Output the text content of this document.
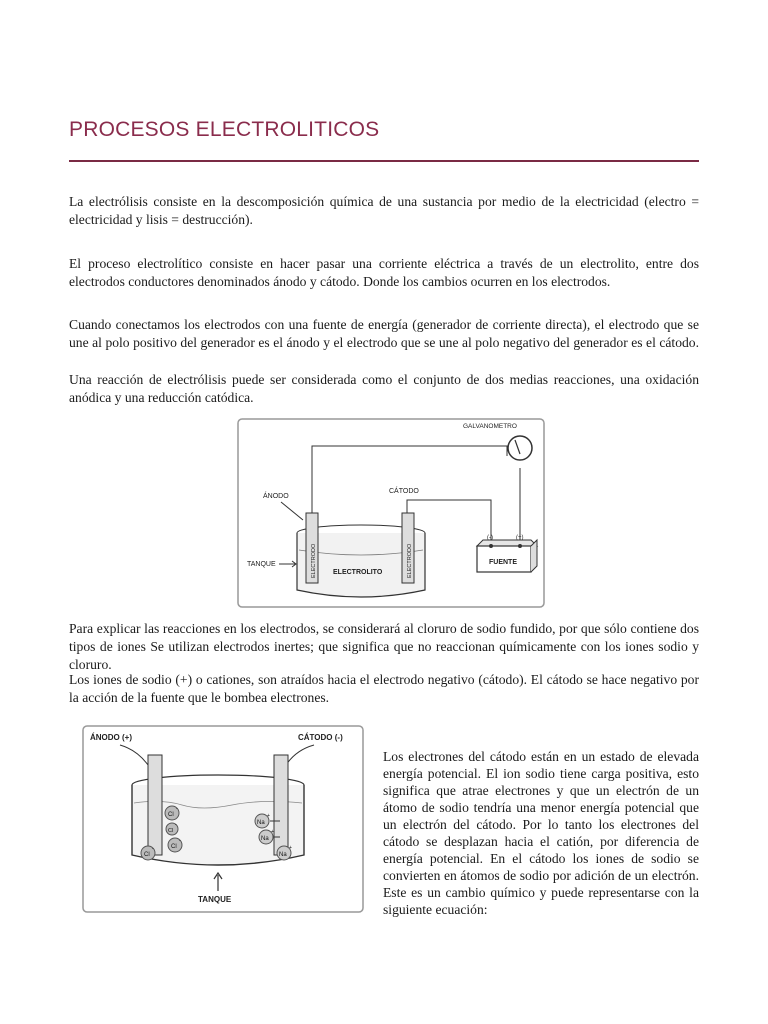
PROCESOS ELECTROLITICOS

La electrólisis consiste en la descomposición química de una sustancia por medio de la electricidad (electro = electricidad y lisis = destrucción).

El proceso electrolítico consiste en hacer pasar una corriente eléctrica a través de un electrolito, entre dos electrodos conductores denominados ánodo y cátodo. Donde los cambios ocurren en los electrodos.

Cuando conectamos los electrodos con una fuente de energía (generador de corriente directa), el electrodo que se une al polo positivo del generador es el ánodo y el electrodo que se une al polo negativo del generador es el cátodo.

Una reacción de electrólisis puede ser considerada como el conjunto de dos medias reacciones, una oxidación anódica y una reducción catódica.

GALVANOMETRO
ELECTRODO	ELECTRODO
ELECTROLITO
ÁNODO
CÁTODO
TANQUE	FUENTE
(-)	(+)

Para explicar las reacciones en los electrodos, se considerará al cloruro de sodio fundido, por que sólo contiene dos tipos de iones Se utilizan electrodos inertes; que significa que no reaccionan químicamente con los iones sodio y cloruro.

Los iones de sodio (+) o cationes, son atraídos hacia el electrodo negativo (cátodo). El cátodo se hace negativo por la acción de la fuente que le bombea electrones.

ÁNODO (+)	CÁTODO (-)
Cl
-
Cl
-
Cl
-
Cl
-
Na
+
Na
+
Na
+
TANQUE

Los electrones del cátodo están en un estado de elevada energía potencial. El ion sodio tiene carga positiva, esto significa que atrae electrones y que un electrón de un átomo de sodio tendría una menor energía potencial que un electrón del cátodo. Por lo tanto los electrones del cátodo se desplazan hacia el catión, por diferencia de energía potencial. En el cátodo los iones de sodio se convierten en átomos de sodio por adición de un electrón. Este es un cambio químico y puede representarse con la siguiente ecuación:
